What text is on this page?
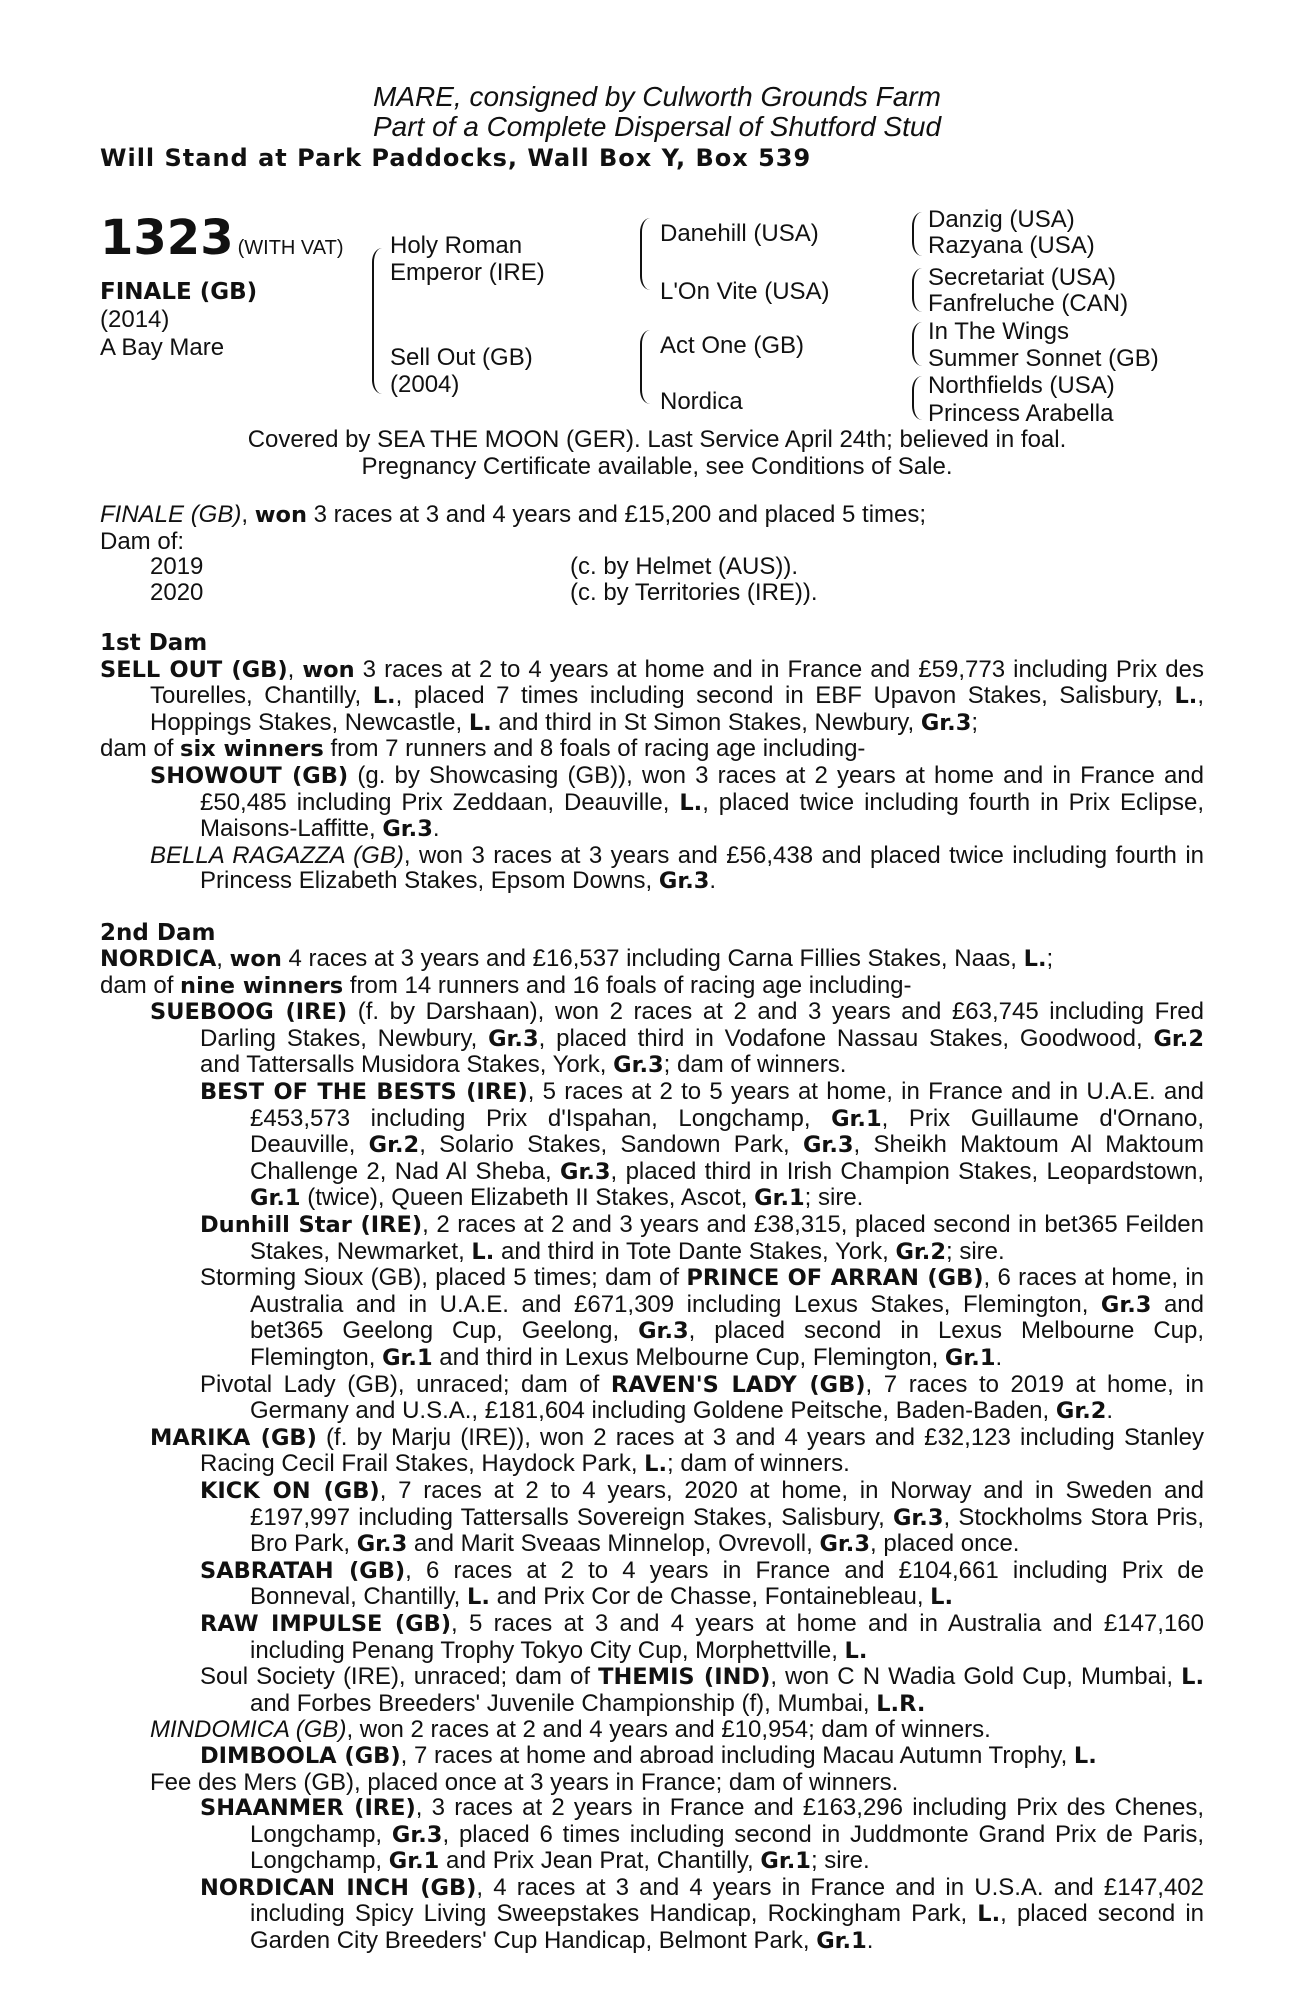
MARE, consigned by Culworth Grounds Farm
Part of a Complete Dispersal of Shutford Stud
Will Stand at Park Paddocks, Wall Box Y, Box 539
1323 (WITH VAT)
FINALE (GB)
(2014)
A Bay Mare
Holy Roman
Emperor (IRE)
Sell Out (GB)
(2004)
Danehill (USA)
L'On Vite (USA)
Act One (GB)
Nordica
Danzig (USA)
Razyana (USA)
Secretariat (USA)
Fanfreluche (CAN)
In The Wings
Summer Sonnet (GB)
Northfields (USA)
Princess Arabella
Covered by SEA THE MOON (GER). Last Service April 24th; believed in foal.
Pregnancy Certificate available, see Conditions of Sale.

FINALE (GB), won 3 races at 3 and 4 years and £15,200 and placed 5 times;

Dam of:

2019	(c. by Helmet (AUS)).
2020	(c. by Territories (IRE)).

1st Dam

SELL OUT (GB), won 3 races at 2 to 4 years at home and in France and £59,773 including Prix des Tourelles, Chantilly, L., placed 7 times including second in EBF Upavon Stakes, Salisbury, L., Hoppings Stakes, Newcastle, L. and third in St Simon Stakes, Newbury, Gr.3;

dam of six winners from 7 runners and 8 foals of racing age including-

SHOWOUT (GB) (g. by Showcasing (GB)), won 3 races at 2 years at home and in France and £50,485 including Prix Zeddaan, Deauville, L., placed twice including fourth in Prix Eclipse, Maisons-Laffitte, Gr.3.

BELLA RAGAZZA (GB), won 3 races at 3 years and £56,438 and placed twice including fourth in Princess Elizabeth Stakes, Epsom Downs, Gr.3.

2nd Dam

NORDICA, won 4 races at 3 years and £16,537 including Carna Fillies Stakes, Naas, L.;

dam of nine winners from 14 runners and 16 foals of racing age including-

SUEBOOG (IRE) (f. by Darshaan), won 2 races at 2 and 3 years and £63,745 including Fred Darling Stakes, Newbury, Gr.3, placed third in Vodafone Nassau Stakes, Goodwood, Gr.2 and Tattersalls Musidora Stakes, York, Gr.3; dam of winners.

BEST OF THE BESTS (IRE), 5 races at 2 to 5 years at home, in France and in U.A.E. and £453,573 including Prix d'Ispahan, Longchamp, Gr.1, Prix Guillaume d'Ornano, Deauville, Gr.2, Solario Stakes, Sandown Park, Gr.3, Sheikh Maktoum Al Maktoum Challenge 2, Nad Al Sheba, Gr.3, placed third in Irish Champion Stakes, Leopardstown, Gr.1 (twice), Queen Elizabeth II Stakes, Ascot, Gr.1; sire.

Dunhill Star (IRE), 2 races at 2 and 3 years and £38,315, placed second in bet365 Feilden Stakes, Newmarket, L. and third in Tote Dante Stakes, York, Gr.2; sire.

Storming Sioux (GB), placed 5 times; dam of PRINCE OF ARRAN (GB), 6 races at home, in Australia and in U.A.E. and £671,309 including Lexus Stakes, Flemington, Gr.3 and bet365 Geelong Cup, Geelong, Gr.3, placed second in Lexus Melbourne Cup, Flemington, Gr.1 and third in Lexus Melbourne Cup, Flemington, Gr.1.

Pivotal Lady (GB), unraced; dam of RAVEN'S LADY (GB), 7 races to 2019 at home, in Germany and U.S.A., £181,604 including Goldene Peitsche, Baden-Baden, Gr.2.

MARIKA (GB) (f. by Marju (IRE)), won 2 races at 3 and 4 years and £32,123 including Stanley Racing Cecil Frail Stakes, Haydock Park, L.; dam of winners.

KICK ON (GB), 7 races at 2 to 4 years, 2020 at home, in Norway and in Sweden and £197,997 including Tattersalls Sovereign Stakes, Salisbury, Gr.3, Stockholms Stora Pris, Bro Park, Gr.3 and Marit Sveaas Minnelop, Ovrevoll, Gr.3, placed once.

SABRATAH (GB), 6 races at 2 to 4 years in France and £104,661 including Prix de Bonneval, Chantilly, L. and Prix Cor de Chasse, Fontainebleau, L.

RAW IMPULSE (GB), 5 races at 3 and 4 years at home and in Australia and £147,160 including Penang Trophy Tokyo City Cup, Morphettville, L.

Soul Society (IRE), unraced; dam of THEMIS (IND), won C N Wadia Gold Cup, Mumbai, L. and Forbes Breeders' Juvenile Championship (f), Mumbai, L.R.

MINDOMICA (GB), won 2 races at 2 and 4 years and £10,954; dam of winners.

DIMBOOLA (GB), 7 races at home and abroad including Macau Autumn Trophy, L.

Fee des Mers (GB), placed once at 3 years in France; dam of winners.

SHAANMER (IRE), 3 races at 2 years in France and £163,296 including Prix des Chenes, Longchamp, Gr.3, placed 6 times including second in Juddmonte Grand Prix de Paris, Longchamp, Gr.1 and Prix Jean Prat, Chantilly, Gr.1; sire.

NORDICAN INCH (GB), 4 races at 3 and 4 years in France and in U.S.A. and £147,402 including Spicy Living Sweepstakes Handicap, Rockingham Park, L., placed second in Garden City Breeders' Cup Handicap, Belmont Park, Gr.1.
